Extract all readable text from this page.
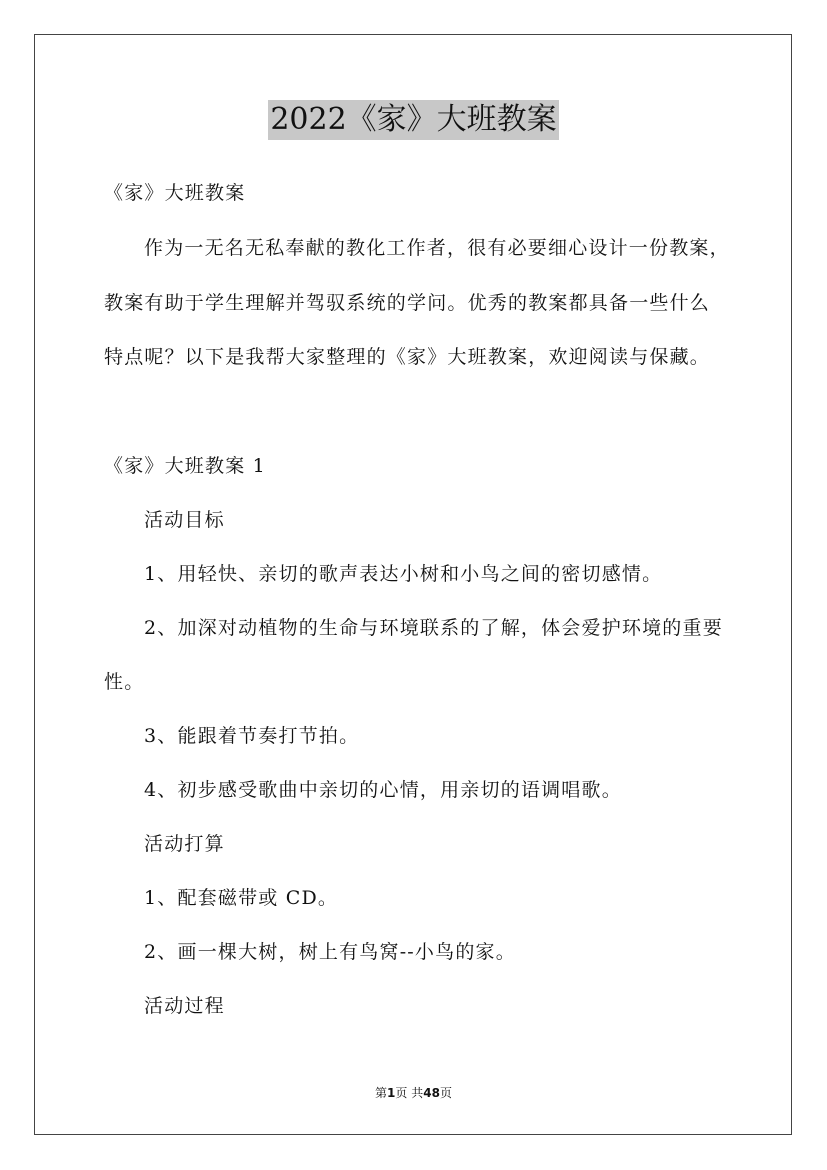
2022《家》大班教案
《家》大班教案
作为一无名无私奉献的教化工作者，很有必要细心设计一份教案，
教案有助于学生理解并驾驭系统的学问。优秀的教案都具备一些什么
特点呢？以下是我帮大家整理的《家》大班教案，欢迎阅读与保藏。
《家》大班教案 1
活动目标
1、用轻快、亲切的歌声表达小树和小鸟之间的密切感情。
2、加深对动植物的生命与环境联系的了解，体会爱护环境的重要
性。
3、能跟着节奏打节拍。
4、初步感受歌曲中亲切的心情，用亲切的语调唱歌。
活动打算
1、配套磁带或 CD。
2、画一棵大树，树上有鸟窝--小鸟的家。
活动过程
第1页 共48页
